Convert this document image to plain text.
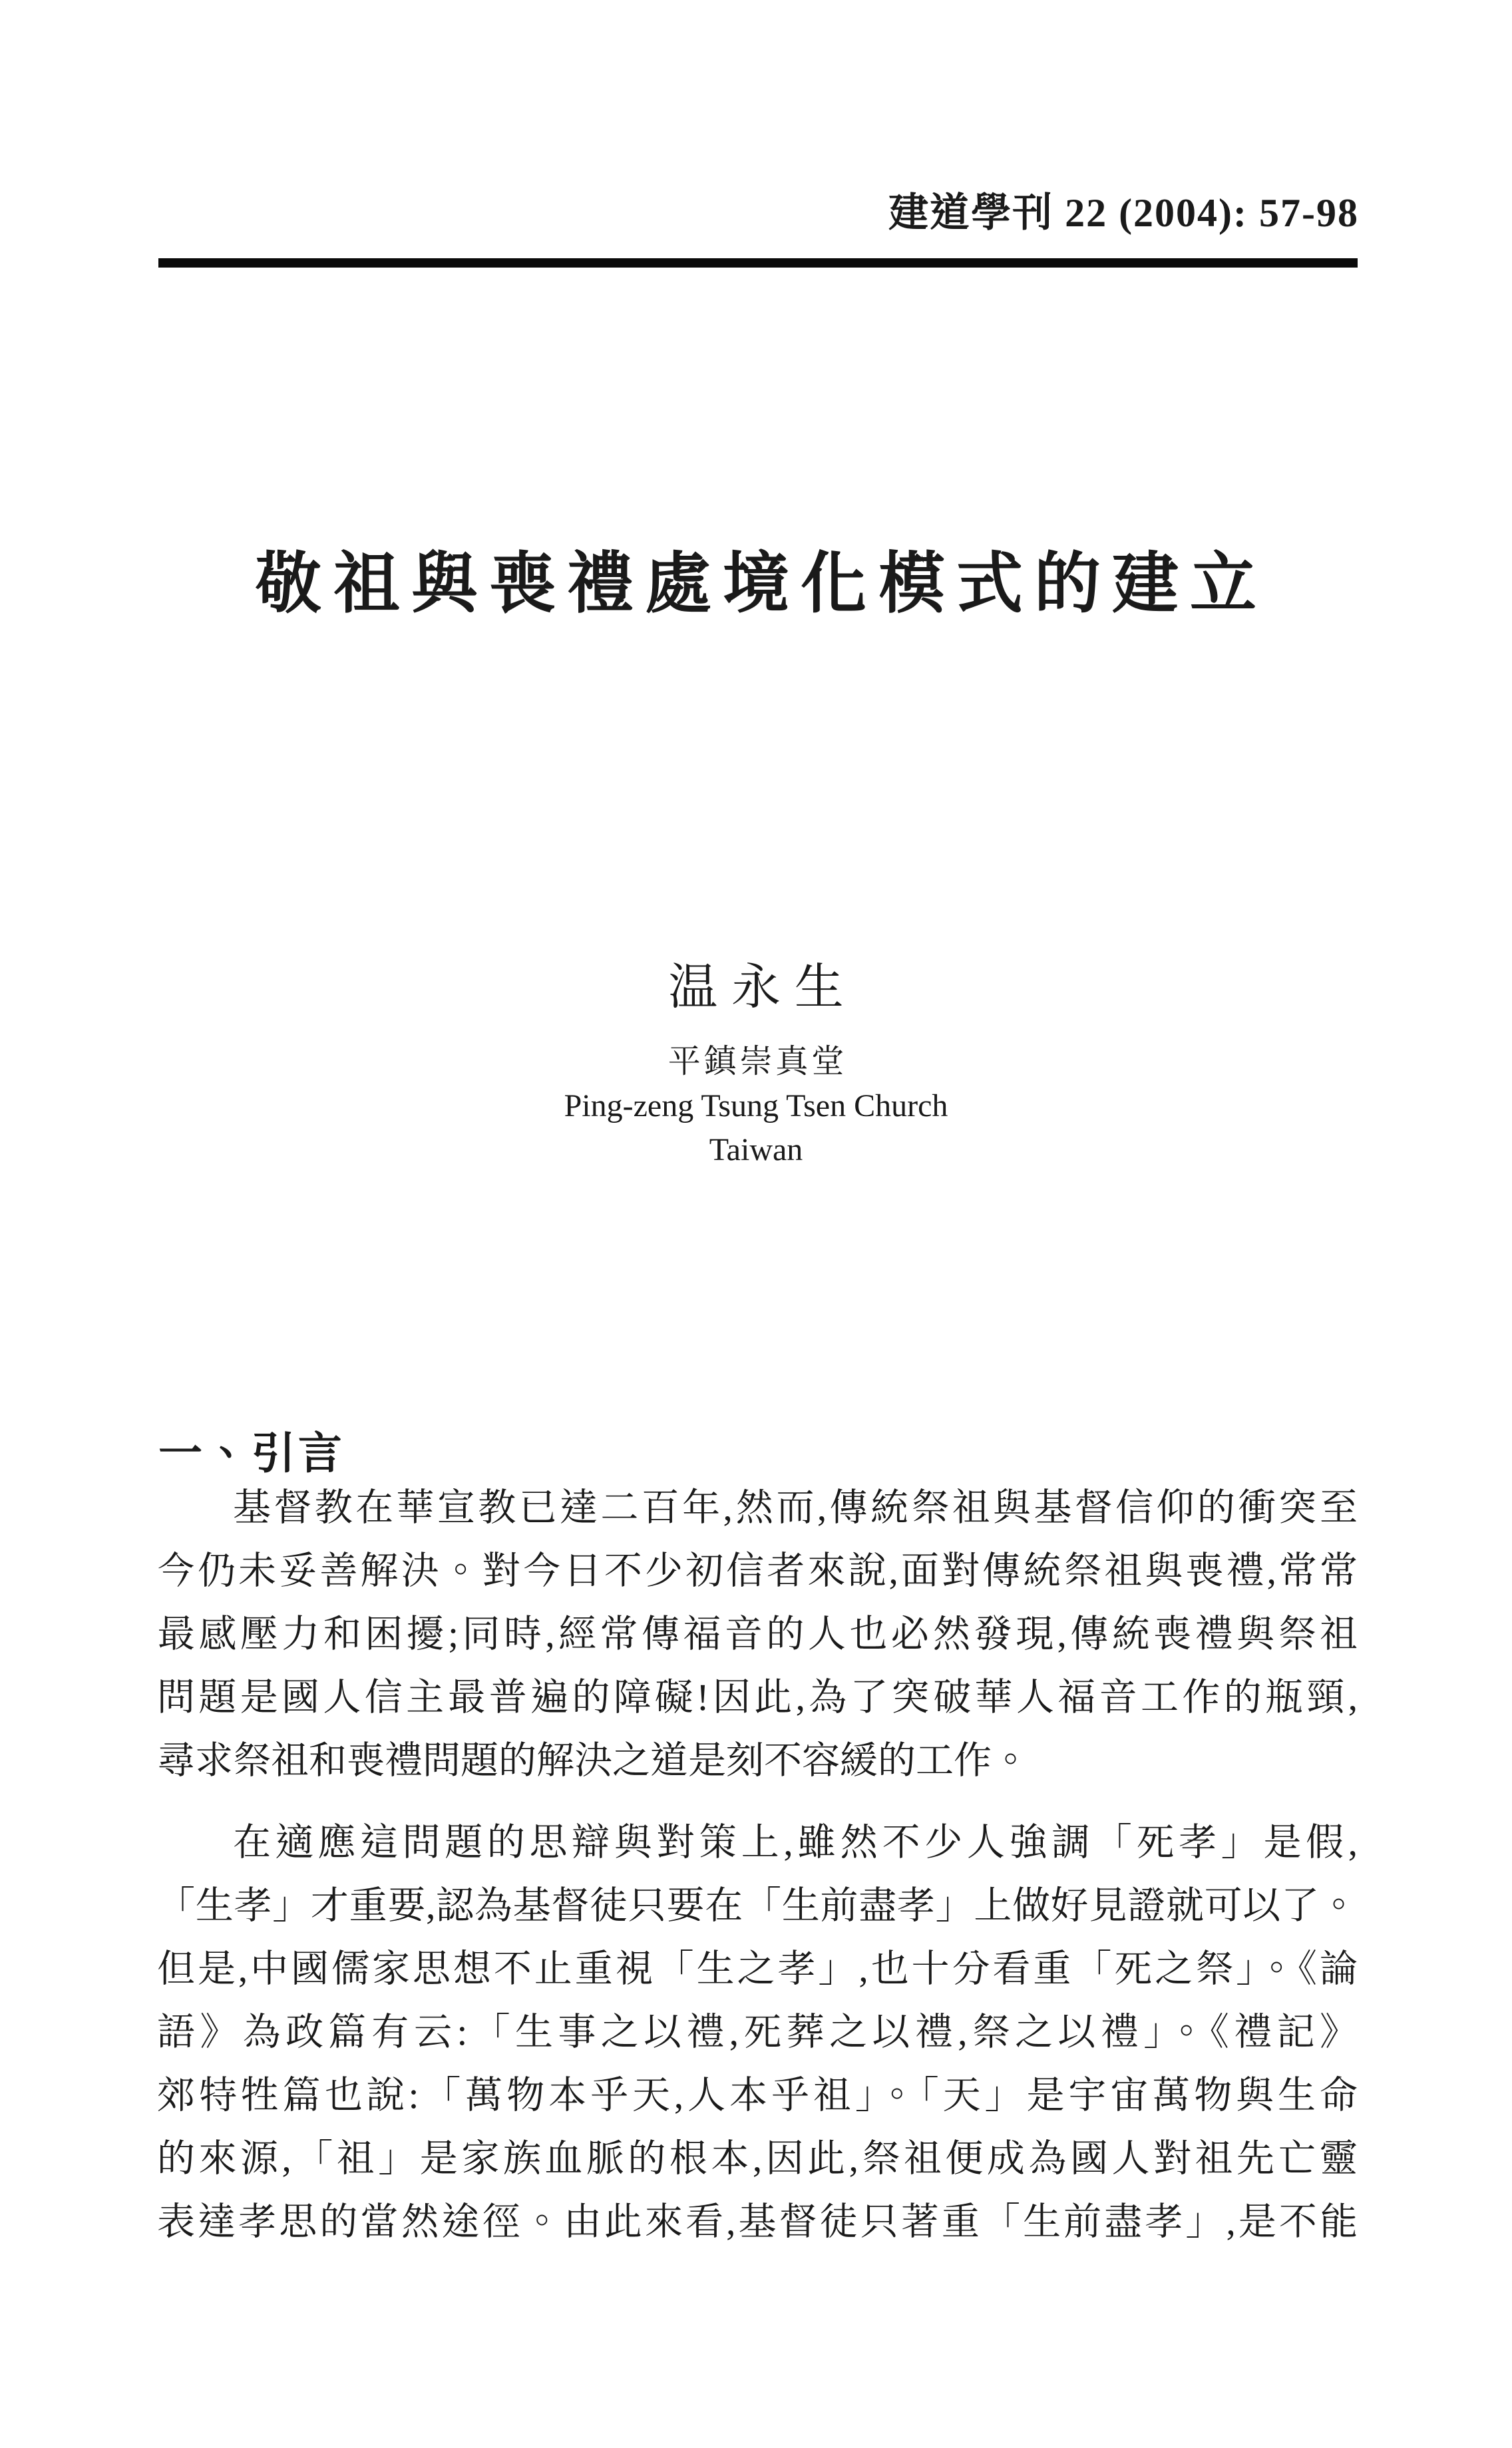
建道學刊 22 (2004): 57-98
敬祖與喪禮處境化模式的建立
温永生
平鎮崇真堂
Ping-zeng Tsung Tsen Church
Taiwan
一、引言
基督教在華宣教已達二百年,然而,傳統祭祖與基督信仰的衝突至
今仍未妥善解決。對今日不少初信者來說,面對傳統祭祖與喪禮,常常
最感壓力和困擾;同時,經常傳福音的人也必然發現,傳統喪禮與祭祖
問題是國人信主最普遍的障礙!因此,為了突破華人福音工作的瓶頸,
尋求祭祖和喪禮問題的解決之道是刻不容緩的工作。
在適應這問題的思辯與對策上,雖然不少人強調「死孝」是假,
「生孝」才重要,認為基督徒只要在「生前盡孝」上做好見證就可以了。
但是,中國儒家思想不止重視「生之孝」,也十分看重「死之祭」。《論
語》為政篇有云:「生事之以禮,死葬之以禮,祭之以禮」。《禮記》
郊特牲篇也說:「萬物本乎天,人本乎祖」。「天」是宇宙萬物與生命
的來源,「祖」是家族血脈的根本,因此,祭祖便成為國人對祖先亡靈
表達孝思的當然途徑。由此來看,基督徒只著重「生前盡孝」,是不能
